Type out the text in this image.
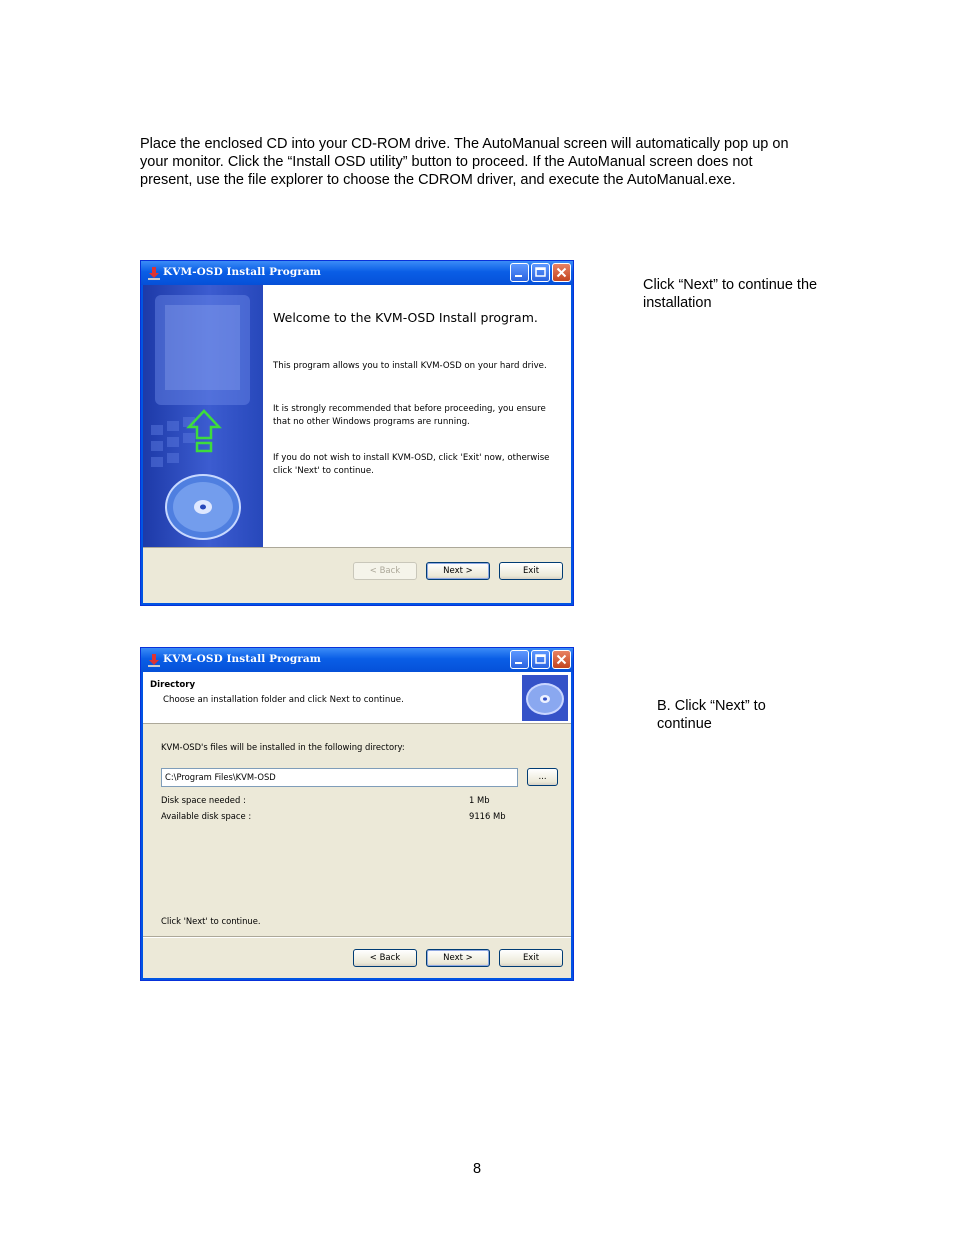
Place the enclosed CD into your CD-ROM drive. The AutoManual screen will automatically pop up on your monitor. Click the “Install OSD utility” button to proceed. If the AutoManual screen does not present, use the file explorer to choose the CDROM driver, and execute the AutoManual.exe.

KVM-OSD Install Program
Welcome to the KVM-OSD Install program.
This program allows you to install KVM-OSD on your hard drive.
It is strongly recommended that before proceeding, you ensure that no other Windows programs are running.
If you do not wish to install KVM-OSD, click 'Exit' now, otherwise click 'Next' to continue.
< Back	Next >	Exit

Click “Next” to continue the installation

KVM-OSD Install Program
Directory
Choose an installation folder and click Next to continue.
KVM-OSD's files will be installed in the following directory:
C:\Program Files\KVM-OSD	...
Disk space needed :	1 Mb
Available disk space :	9116 Mb
Click 'Next' to continue.
< Back	Next >	Exit

B. Click “Next” to continue

8
